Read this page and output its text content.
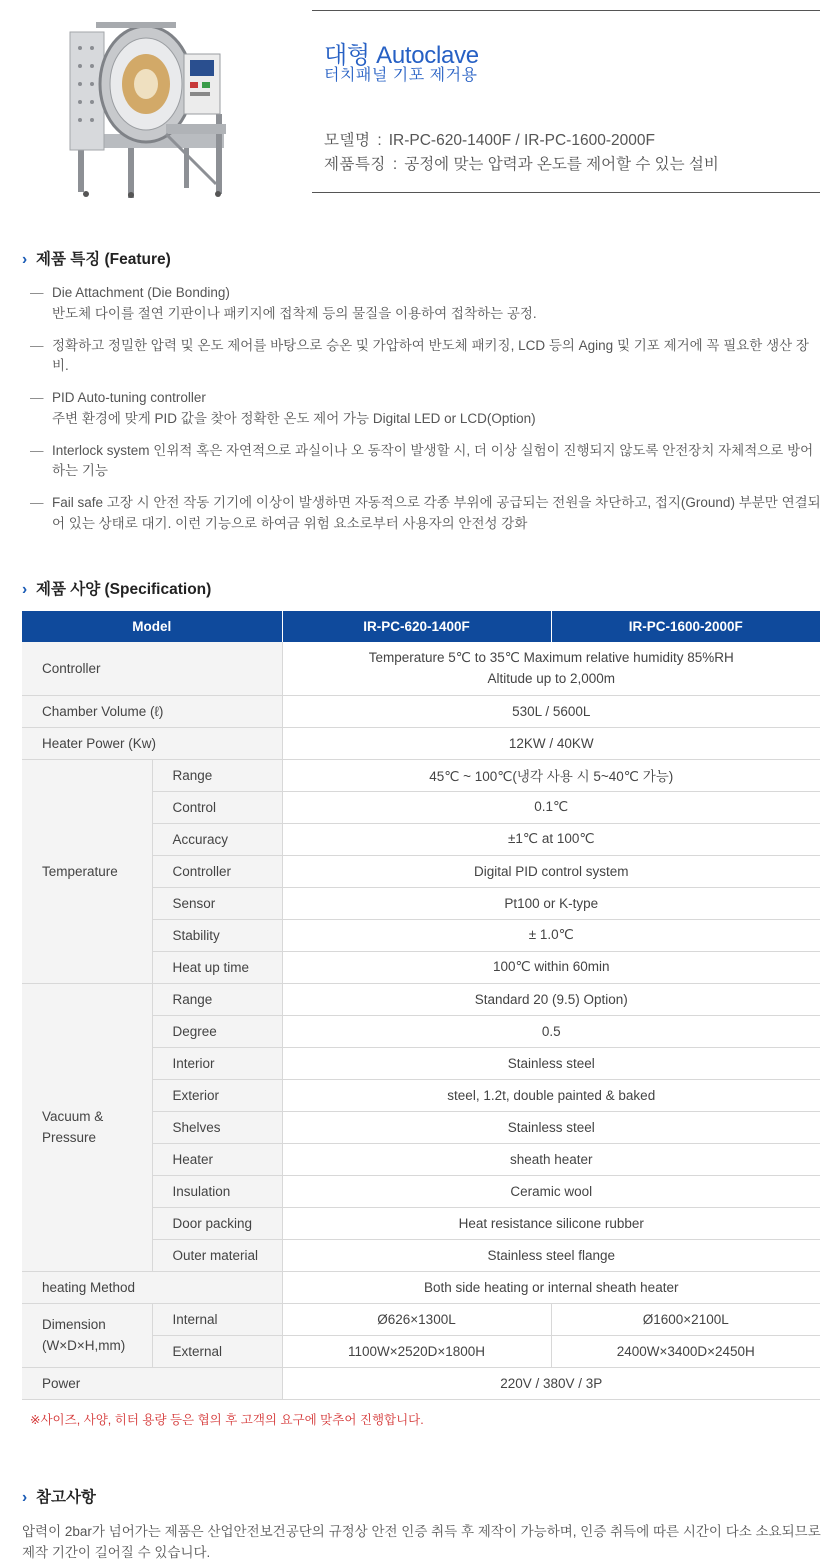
대형 Autoclave
터치패널 기포 제거용
모델명 : IR-PC-620-1400F / IR-PC-1600-2000F
제품특징 : 공정에 맞는 압력과 온도를 제어할 수 있는 설비
› 제품 특징 (Feature)
— Die Attachment (Die Bonding)
반도체 다이를 절연 기판이나 패키지에 접착제 등의 물질을 이용하여 접착하는 공정.
— 정확하고 정밀한 압력 및 온도 제어를 바탕으로 승온 및 가압하여 반도체 패키징, LCD 등의 Aging 및 기포 제거에 꼭 필요한 생산 장비.
— PID Auto-tuning controller
주변 환경에 맞게 PID 값을 찾아 정확한 온도 제어 가능 Digital LED or LCD(Option)
— Interlock system 인위적 혹은 자연적으로 과실이나 오 동작이 발생할 시, 더 이상 실험이 진행되지 않도록 안전장치 자체적으로 방어하는 기능
— Fail safe 고장 시 안전 작동 기기에 이상이 발생하면 자동적으로 각종 부위에 공급되는 전원을 차단하고, 접지(Ground) 부분만 연결되어 있는 상태로 대기. 이런 기능으로 하여금 위험 요소로부터 사용자의 안전성 강화
› 제품 사양 (Specification)
Model		IR-PC-620-1400F	IR-PC-1600-2000F
Controller		Temperature 5℃ to 35℃ Maximum relative humidity 85%RH
Altitude up to 2,000m	

Chamber Volume (ℓ)		530L / 5600L	
Heater Power (Kw)		12KW / 40KW	
Temperature	Range	45℃ ~ 100℃(냉각 사용 시 5~40℃ 가능)	
	Control	0.1℃	
	Accuracy	±1℃ at 100℃	
	Controller	Digital PID control system	
	Sensor	Pt100 or K-type	
	Stability	± 1.0℃	
	Heat up time	100℃ within 60min	

Vacuum &
Pressure	Range	Standard 20 (9.5) Option)	
	Degree	0.5	
	Interior	Stainless steel	
	Exterior	steel, 1.2t, double painted & baked	
	Shelves	Stainless steel	
	Heater	sheath heater	
	Insulation	Ceramic wool	
	Door packing	Heat resistance silicone rubber	
	Outer material	Stainless steel flange	
heating Method		Both side heating or internal sheath heater	

Dimension
(W×D×H,mm)	Internal	Ø626×1300L	Ø1600×2100L
	External	1100W×2520D×1800H	2400W×3400D×2450H
Power		220V / 380V / 3P	
※사이즈, 사양, 히터 용량 등은 협의 후 고객의 요구에 맞추어 진행합니다.
› 참고사항
압력이 2bar가 넘어가는 제품은 산업안전보건공단의 규정상 안전 인증 취득 후 제작이 가능하며, 인증 취득에 따른 시간이 다소 소요되므로 제작 기간이 길어질 수 있습니다.
